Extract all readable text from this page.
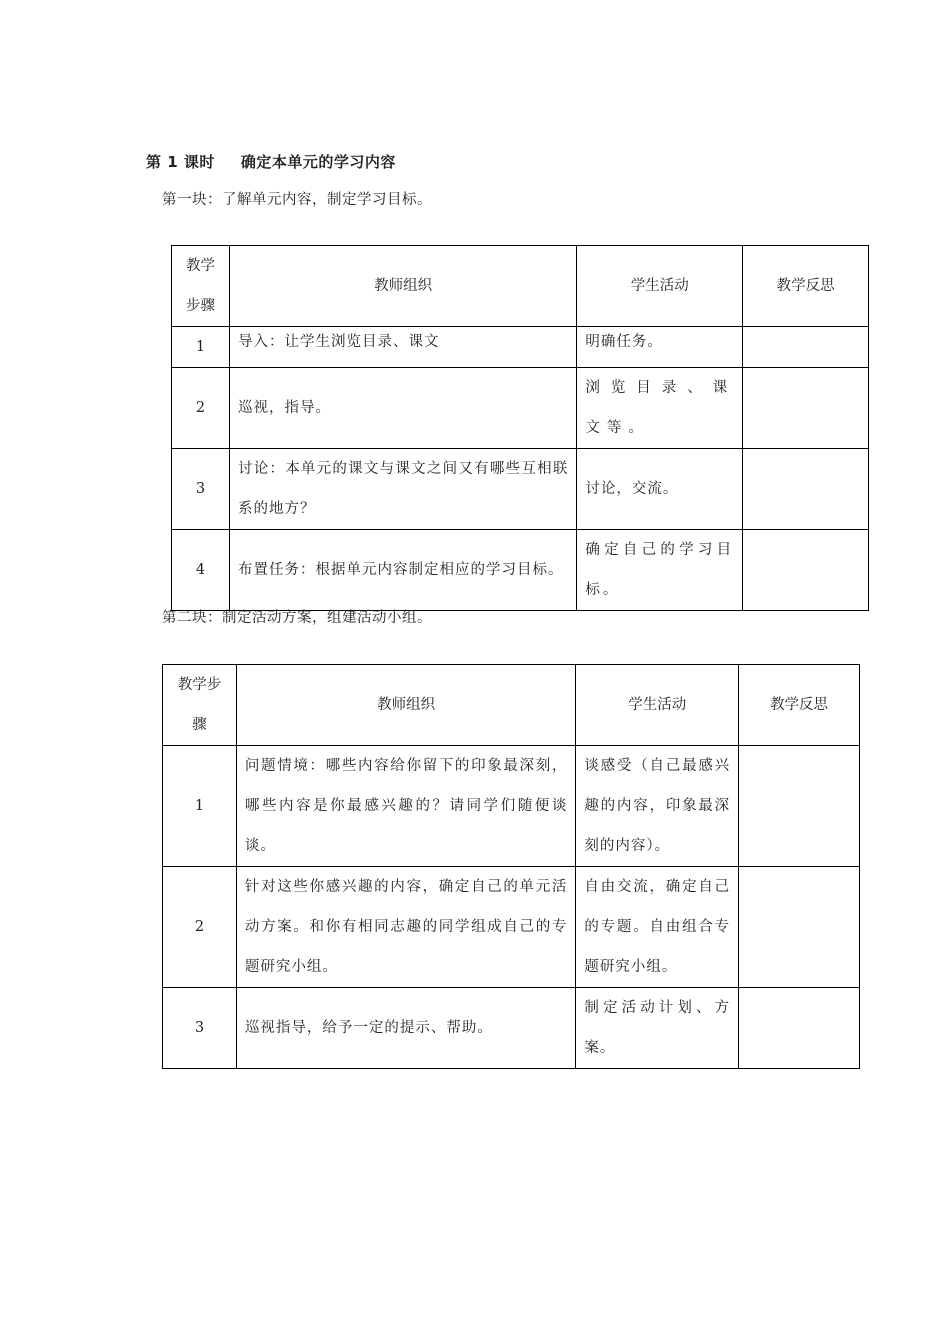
第 1 课时 确定本单元的学习内容
第一块：了解单元内容，制定学习目标。
教学步骤	教师组织	学生活动	教学反思
1	导入：让学生浏览目录、课文	明确任务。	
2	巡视，指导。	浏览目录、课文等。	
3	讨论：本单元的课文与课文之间又有哪些互相联系的地方？	讨论，交流。	
4	布置任务：根据单元内容制定相应的学习目标。	确定自己的学习目标。	
第二块：制定活动方案，组建活动小组。
教学步骤	教师组织	学生活动	教学反思
1	问题情境：哪些内容给你留下的印象最深刻，哪些内容是你最感兴趣的？请同学们随便谈谈。	谈感受（自己最感兴趣的内容，印象最深刻的内容）。	
2	针对这些你感兴趣的内容，确定自己的单元活动方案。和你有相同志趣的同学组成自己的专题研究小组。	自由交流，确定自己的专题。自由组合专题研究小组。	
3	巡视指导，给予一定的提示、帮助。	制定活动计划、方案。	
